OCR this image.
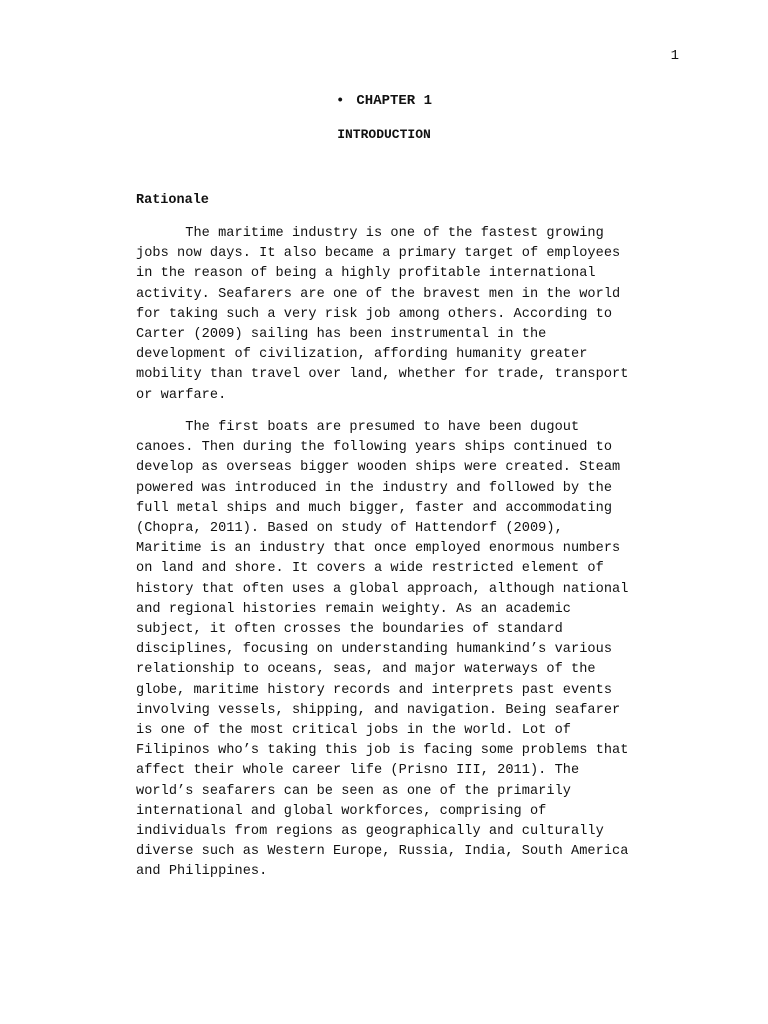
1
• CHAPTER 1
INTRODUCTION
Rationale
The maritime industry is one of the fastest growing
jobs now days. It also became a primary target of employees
in the reason of being a highly profitable international
activity. Seafarers are one of the bravest men in the world
for taking such a very risk job among others. According to
Carter (2009) sailing has been instrumental in the
development of civilization, affording humanity greater
mobility than travel over land, whether for trade, transport
or warfare.
The first boats are presumed to have been dugout
canoes. Then during the following years ships continued to
develop as overseas bigger wooden ships were created. Steam
powered was introduced in the industry and followed by the
full metal ships and much bigger, faster and accommodating
(Chopra, 2011). Based on study of Hattendorf (2009),
Maritime is an industry that once employed enormous numbers
on land and shore. It covers a wide restricted element of
history that often uses a global approach, although national
and regional histories remain weighty. As an academic
subject, it often crosses the boundaries of standard
disciplines, focusing on understanding humankind’s various
relationship to oceans, seas, and major waterways of the
globe, maritime history records and interprets past events
involving vessels, shipping, and navigation. Being seafarer
is one of the most critical jobs in the world. Lot of
Filipinos who’s taking this job is facing some problems that
affect their whole career life (Prisno III, 2011). The
world’s seafarers can be seen as one of the primarily
international and global workforces, comprising of
individuals from regions as geographically and culturally
diverse such as Western Europe, Russia, India, South America
and Philippines.
